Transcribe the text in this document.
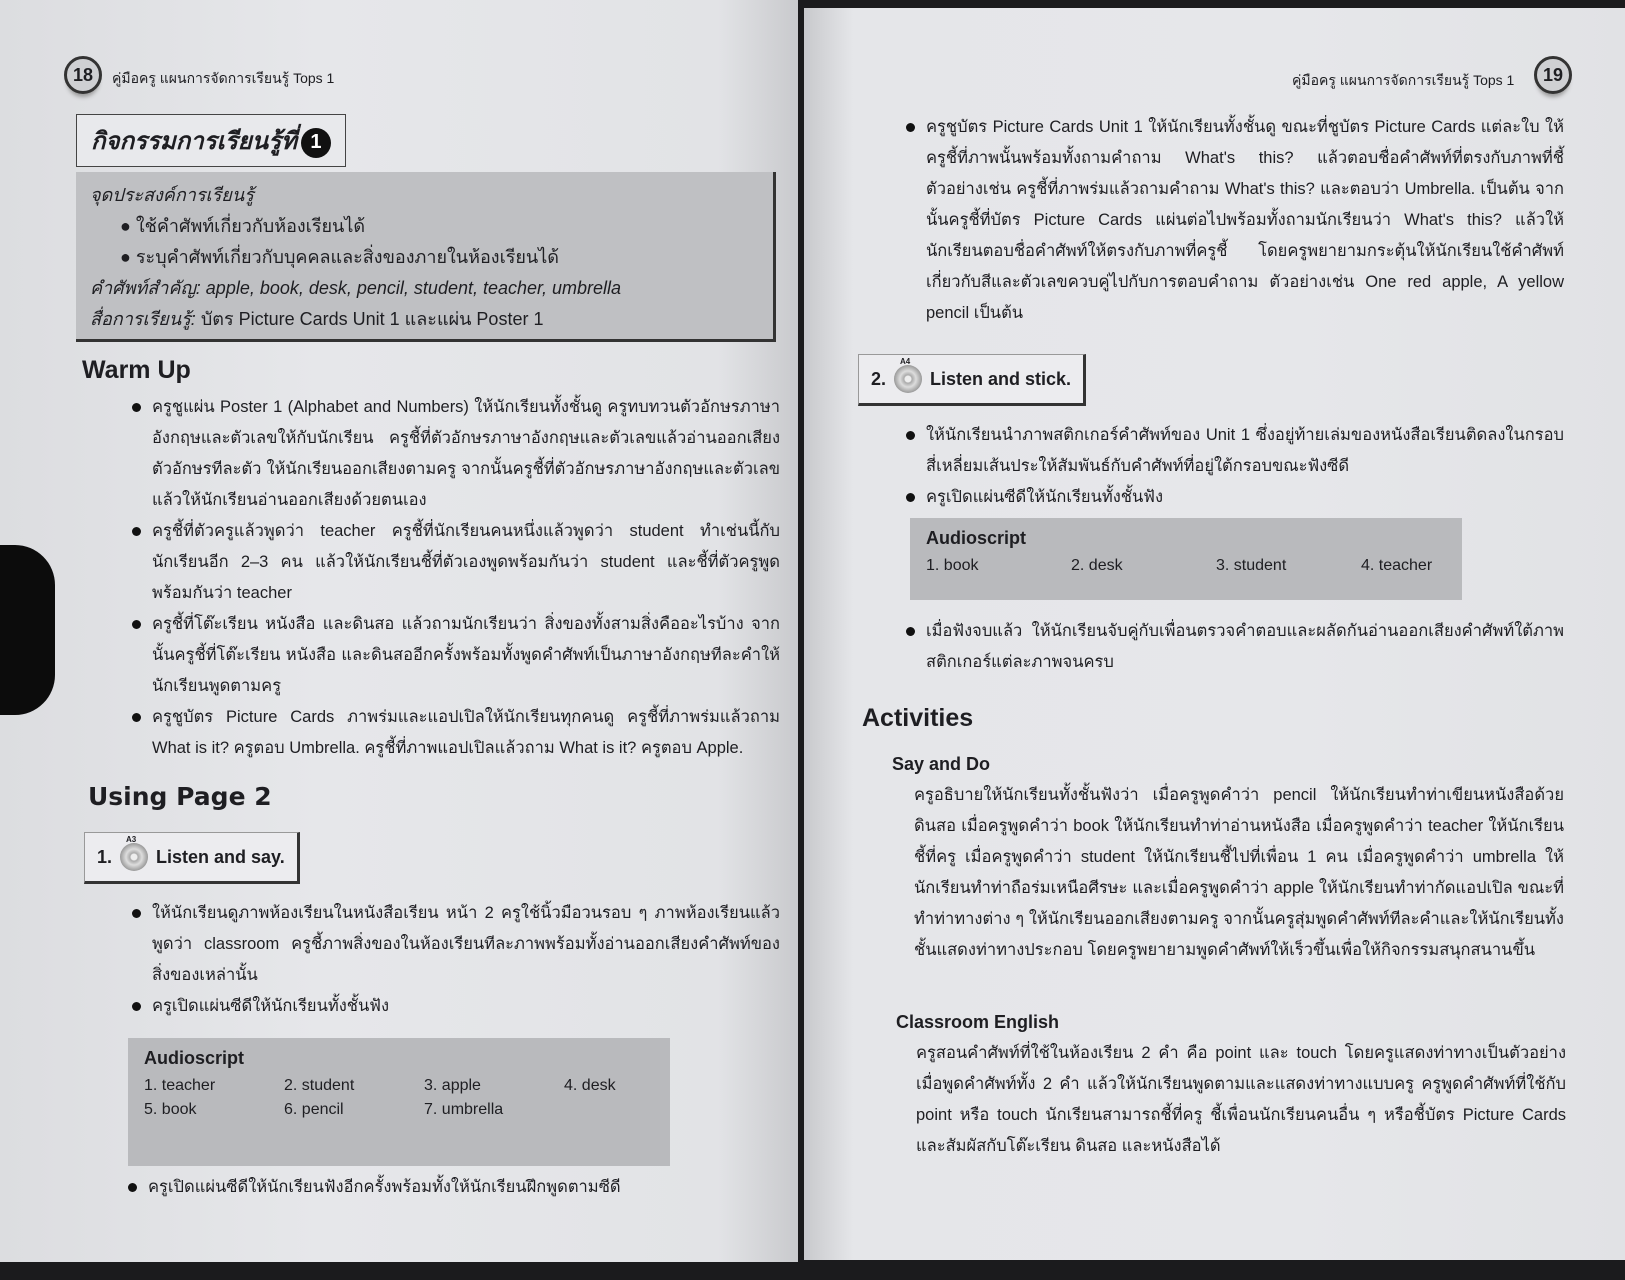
18	คู่มือครู แผนการจัดการเรียนรู้ Tops 1
กิจกรรมการเรียนรู้ที่ 1

จุดประสงค์การเรียนรู้

● ใช้คำศัพท์เกี่ยวกับห้องเรียนได้

● ระบุคำศัพท์เกี่ยวกับบุคคลและสิ่งของภายในห้องเรียนได้

คำศัพท์สำคัญ: apple, book, desk, pencil, student, teacher, umbrella

สื่อการเรียนรู้: บัตร Picture Cards Unit 1 และแผ่น Poster 1

Warm Up
ครูชูแผ่น Poster 1 (Alphabet and Numbers) ให้นักเรียนทั้งชั้นดู ครูทบทวนตัวอักษรภาษาอังกฤษและตัวเลขให้กับนักเรียน ครูชี้ที่ตัวอักษรภาษาอังกฤษและตัวเลขแล้วอ่านออกเสียงตัวอักษรทีละตัว ให้นักเรียนออกเสียงตามครู จากนั้นครูชี้ที่ตัวอักษรภาษาอังกฤษและตัวเลข แล้วให้นักเรียนอ่านออกเสียงด้วยตนเอง
ครูชี้ที่ตัวครูแล้วพูดว่า teacher ครูชี้ที่นักเรียนคนหนึ่งแล้วพูดว่า student ทำเช่นนี้กับนักเรียนอีก 2–3 คน แล้วให้นักเรียนชี้ที่ตัวเองพูดพร้อมกันว่า student และชี้ที่ตัวครูพูดพร้อมกันว่า teacher
ครูชี้ที่โต๊ะเรียน หนังสือ และดินสอ แล้วถามนักเรียนว่า สิ่งของทั้งสามสิ่งคืออะไรบ้าง จากนั้นครูชี้ที่โต๊ะเรียน หนังสือ และดินสออีกครั้งพร้อมทั้งพูดคำศัพท์เป็นภาษาอังกฤษทีละคำให้นักเรียนพูดตามครู
ครูชูบัตร Picture Cards ภาพร่มและแอปเปิลให้นักเรียนทุกคนดู ครูชี้ที่ภาพร่มแล้วถาม What is it? ครูตอบ Umbrella. ครูชี้ที่ภาพแอปเปิลแล้วถาม What is it? ครูตอบ Apple.
Using Page 2
1.
A3
Listen and say.
ให้นักเรียนดูภาพห้องเรียนในหนังสือเรียน หน้า 2 ครูใช้นิ้วมือวนรอบ ๆ ภาพห้องเรียนแล้วพูดว่า classroom ครูชี้ภาพสิ่งของในห้องเรียนทีละภาพพร้อมทั้งอ่านออกเสียงคำศัพท์ของสิ่งของเหล่านั้น
ครูเปิดแผ่นซีดีให้นักเรียนทั้งชั้นฟัง
Audioscript
1. teacher	2. student	3. apple	4. desk
5. book	6. pencil	7. umbrella
ครูเปิดแผ่นซีดีให้นักเรียนฟังอีกครั้งพร้อมทั้งให้นักเรียนฝึกพูดตามซีดี
คู่มือครู แผนการจัดการเรียนรู้ Tops 1	19
ครูชูบัตร Picture Cards Unit 1 ให้นักเรียนทั้งชั้นดู ขณะที่ชูบัตร Picture Cards แต่ละใบ ให้ครูชี้ที่ภาพนั้นพร้อมทั้งถามคำถาม What's this? แล้วตอบชื่อคำศัพท์ที่ตรงกับภาพที่ชี้ ตัวอย่างเช่น ครูชี้ที่ภาพร่มแล้วถามคำถาม What's this? และตอบว่า Umbrella. เป็นต้น จากนั้นครูชี้ที่บัตร Picture Cards แผ่นต่อไปพร้อมทั้งถามนักเรียนว่า What's this? แล้วให้นักเรียนตอบชื่อคำศัพท์ให้ตรงกับภาพที่ครูชี้ โดยครูพยายามกระตุ้นให้นักเรียนใช้คำศัพท์เกี่ยวกับสีและตัวเลขควบคู่ไปกับการตอบคำถาม ตัวอย่างเช่น One red apple, A yellow pencil เป็นต้น
2.
A4
Listen and stick.
ให้นักเรียนนำภาพสติกเกอร์คำศัพท์ของ Unit 1 ซึ่งอยู่ท้ายเล่มของหนังสือเรียนติดลงในกรอบสี่เหลี่ยมเส้นประให้สัมพันธ์กับคำศัพท์ที่อยู่ใต้กรอบขณะฟังซีดี
ครูเปิดแผ่นซีดีให้นักเรียนทั้งชั้นฟัง
Audioscript
1. book	2. desk	3. student	4. teacher
เมื่อฟังจบแล้ว ให้นักเรียนจับคู่กับเพื่อนตรวจคำตอบและผลัดกันอ่านออกเสียงคำศัพท์ใต้ภาพสติกเกอร์แต่ละภาพจนครบ
Activities
Say and Do
ครูอธิบายให้นักเรียนทั้งชั้นฟังว่า เมื่อครูพูดคำว่า pencil ให้นักเรียนทำท่าเขียนหนังสือด้วยดินสอ เมื่อครูพูดคำว่า book ให้นักเรียนทำท่าอ่านหนังสือ เมื่อครูพูดคำว่า teacher ให้นักเรียนชี้ที่ครู เมื่อครูพูดคำว่า student ให้นักเรียนชี้ไปที่เพื่อน 1 คน เมื่อครูพูดคำว่า umbrella ให้นักเรียนทำท่าถือร่มเหนือศีรษะ และเมื่อครูพูดคำว่า apple ให้นักเรียนทำท่ากัดแอปเปิล ขณะที่ทำท่าทางต่าง ๆ ให้นักเรียนออกเสียงตามครู จากนั้นครูสุ่มพูดคำศัพท์ทีละคำและให้นักเรียนทั้งชั้นแสดงท่าทางประกอบ โดยครูพยายามพูดคำศัพท์ให้เร็วขึ้นเพื่อให้กิจกรรมสนุกสนานขึ้น
Classroom English
ครูสอนคำศัพท์ที่ใช้ในห้องเรียน 2 คำ คือ point และ touch โดยครูแสดงท่าทางเป็นตัวอย่างเมื่อพูดคำศัพท์ทั้ง 2 คำ แล้วให้นักเรียนพูดตามและแสดงท่าทางแบบครู ครูพูดคำศัพท์ที่ใช้กับ point หรือ touch นักเรียนสามารถชี้ที่ครู ชี้เพื่อนนักเรียนคนอื่น ๆ หรือชี้บัตร Picture Cards และสัมผัสกับโต๊ะเรียน ดินสอ และหนังสือได้
